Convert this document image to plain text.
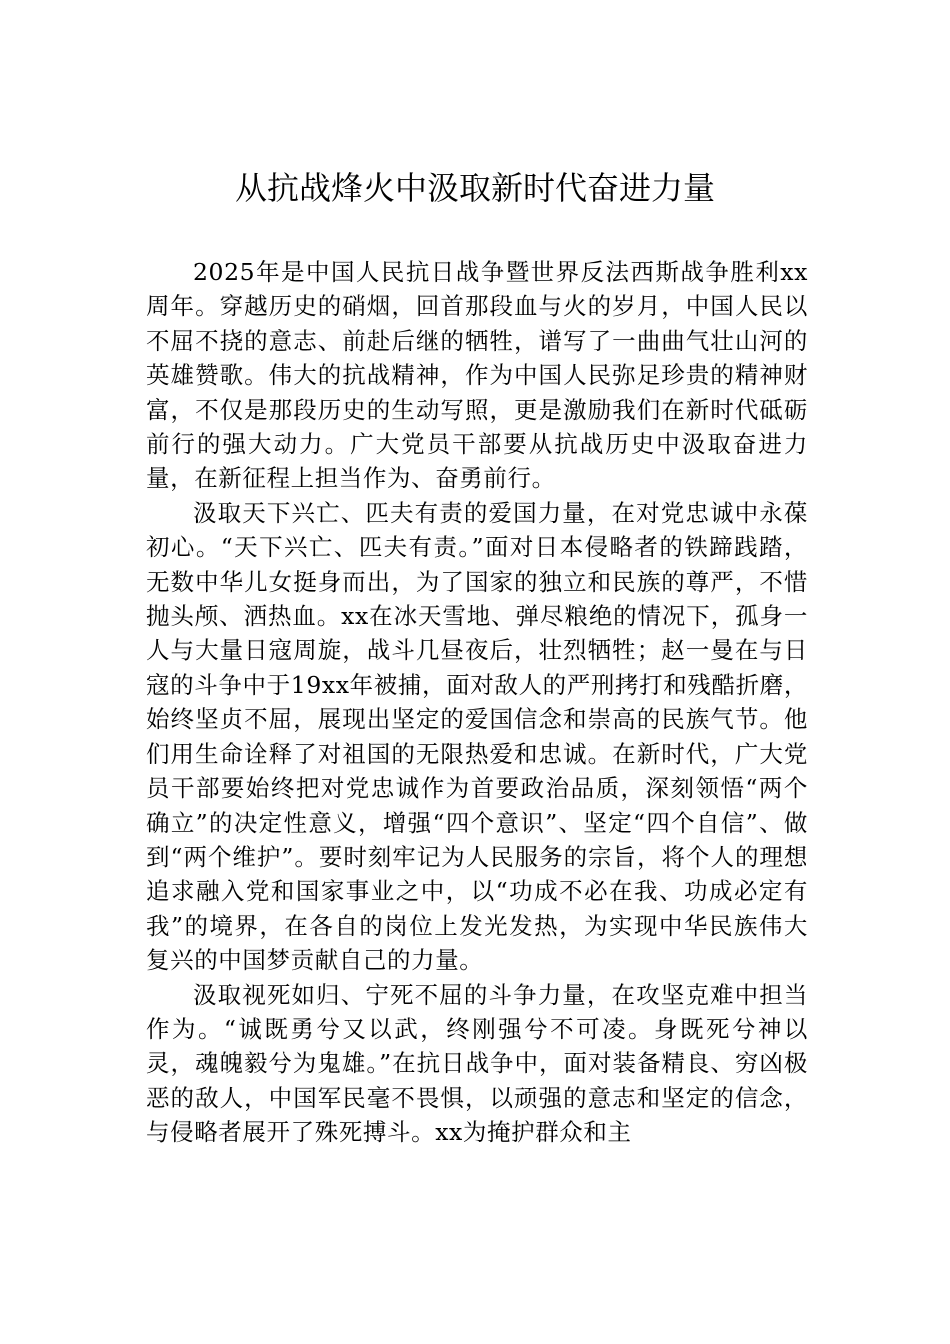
从抗战烽火中汲取新时代奋进力量

2025年是中国人民抗日战争暨世界反法西斯战争胜利xx周年。穿越历史的硝烟，回首那段血与火的岁月，中国人民以不屈不挠的意志、前赴后继的牺牲，谱写了一曲曲气壮山河的英雄赞歌。伟大的抗战精神，作为中国人民弥足珍贵的精神财富，不仅是那段历史的生动写照，更是激励我们在新时代砥砺前行的强大动力。广大党员干部要从抗战历史中汲取奋进力量，在新征程上担当作为、奋勇前行。

汲取天下兴亡、匹夫有责的爱国力量，在对党忠诚中永葆初心。“天下兴亡、匹夫有责。”面对日本侵略者的铁蹄践踏，无数中华儿女挺身而出，为了国家的独立和民族的尊严，不惜抛头颅、洒热血。xx在冰天雪地、弹尽粮绝的情况下，孤身一人与大量日寇周旋，战斗几昼夜后，壮烈牺牲；赵一曼在与日寇的斗争中于19xx年被捕，面对敌人的严刑拷打和残酷折磨，始终坚贞不屈，展现出坚定的爱国信念和崇高的民族气节。他们用生命诠释了对祖国的无限热爱和忠诚。在新时代，广大党员干部要始终把对党忠诚作为首要政治品质，深刻领悟“两个确立”的决定性意义，增强“四个意识”、坚定“四个自信”、做到“两个维护”。要时刻牢记为人民服务的宗旨，将个人的理想追求融入党和国家事业之中，以“功成不必在我、功成必定有我”的境界，在各自的岗位上发光发热，为实现中华民族伟大复兴的中国梦贡献自己的力量。

汲取视死如归、宁死不屈的斗争力量，在攻坚克难中担当作为。“诚既勇兮又以武，终刚强兮不可凌。身既死兮神以灵，魂魄毅兮为鬼雄。”在抗日战争中，面对装备精良、穷凶极恶的敌人，中国军民毫不畏惧，以顽强的意志和坚定的信念，与侵略者展开了殊死搏斗。xx为掩护群众和主
